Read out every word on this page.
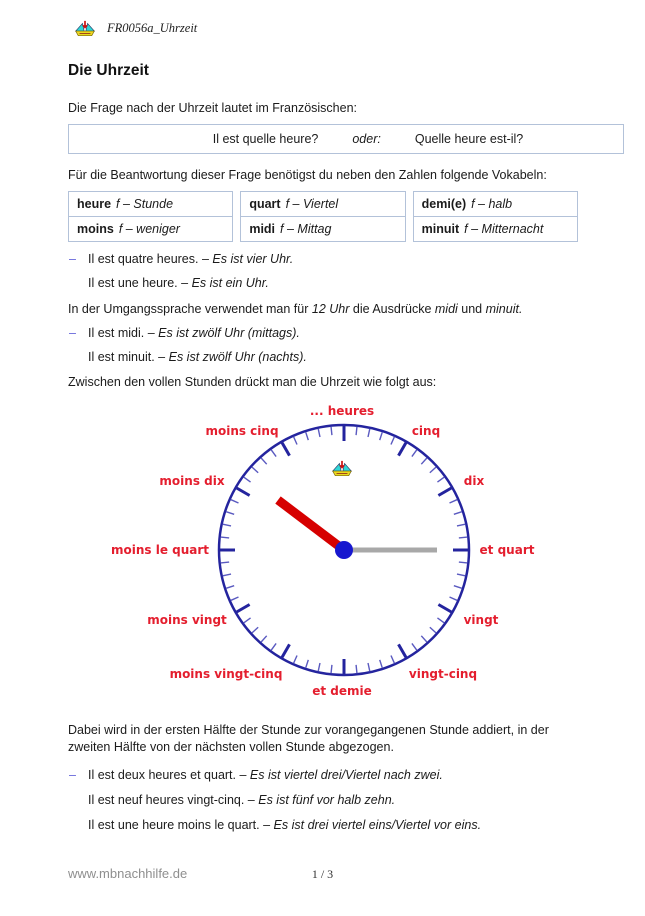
FR0056a_Uhrzeit
Die Uhrzeit
Die Frage nach der Uhrzeit lautet im Französischen:
Il est quelle heure?	oder:	Quelle heure est-il?
Für die Beantwortung dieser Frage benötigst du neben den Zahlen folgende Vokabeln:
heure f – Stunde	quart f – Viertel	demi(e) f – halb
moins f – weniger	midi f – Mittag	minuit f – Mitternacht
– Il est quatre heures. – Es ist vier Uhr.
Il est une heure. – Es ist ein Uhr.
In der Umgangssprache verwendet man für 12 Uhr die Ausdrücke midi und minuit.
– Il est midi. – Es ist zwölf Uhr (mittags).
Il est minuit. – Es ist zwölf Uhr (nachts).
Zwischen den vollen Stunden drückt man die Uhrzeit wie folgt aus:
... heures
moins cinq	cinq
moins dix	dix
moins le quart	et quart
moins vingt	vingt
moins vingt-cinq	vingt-cinq
et demie
Dabei wird in der ersten Hälfte der Stunde zur vorangegangenen Stunde addiert, in der zweiten Hälfte von der nächsten vollen Stunde abgezogen.
– Il est deux heures et quart. – Es ist viertel drei/Viertel nach zwei.
Il est neuf heures vingt-cinq. – Es ist fünf vor halb zehn.
Il est une heure moins le quart. – Es ist drei viertel eins/Viertel vor eins.
www.mbnachhilfe.de	1 / 3
